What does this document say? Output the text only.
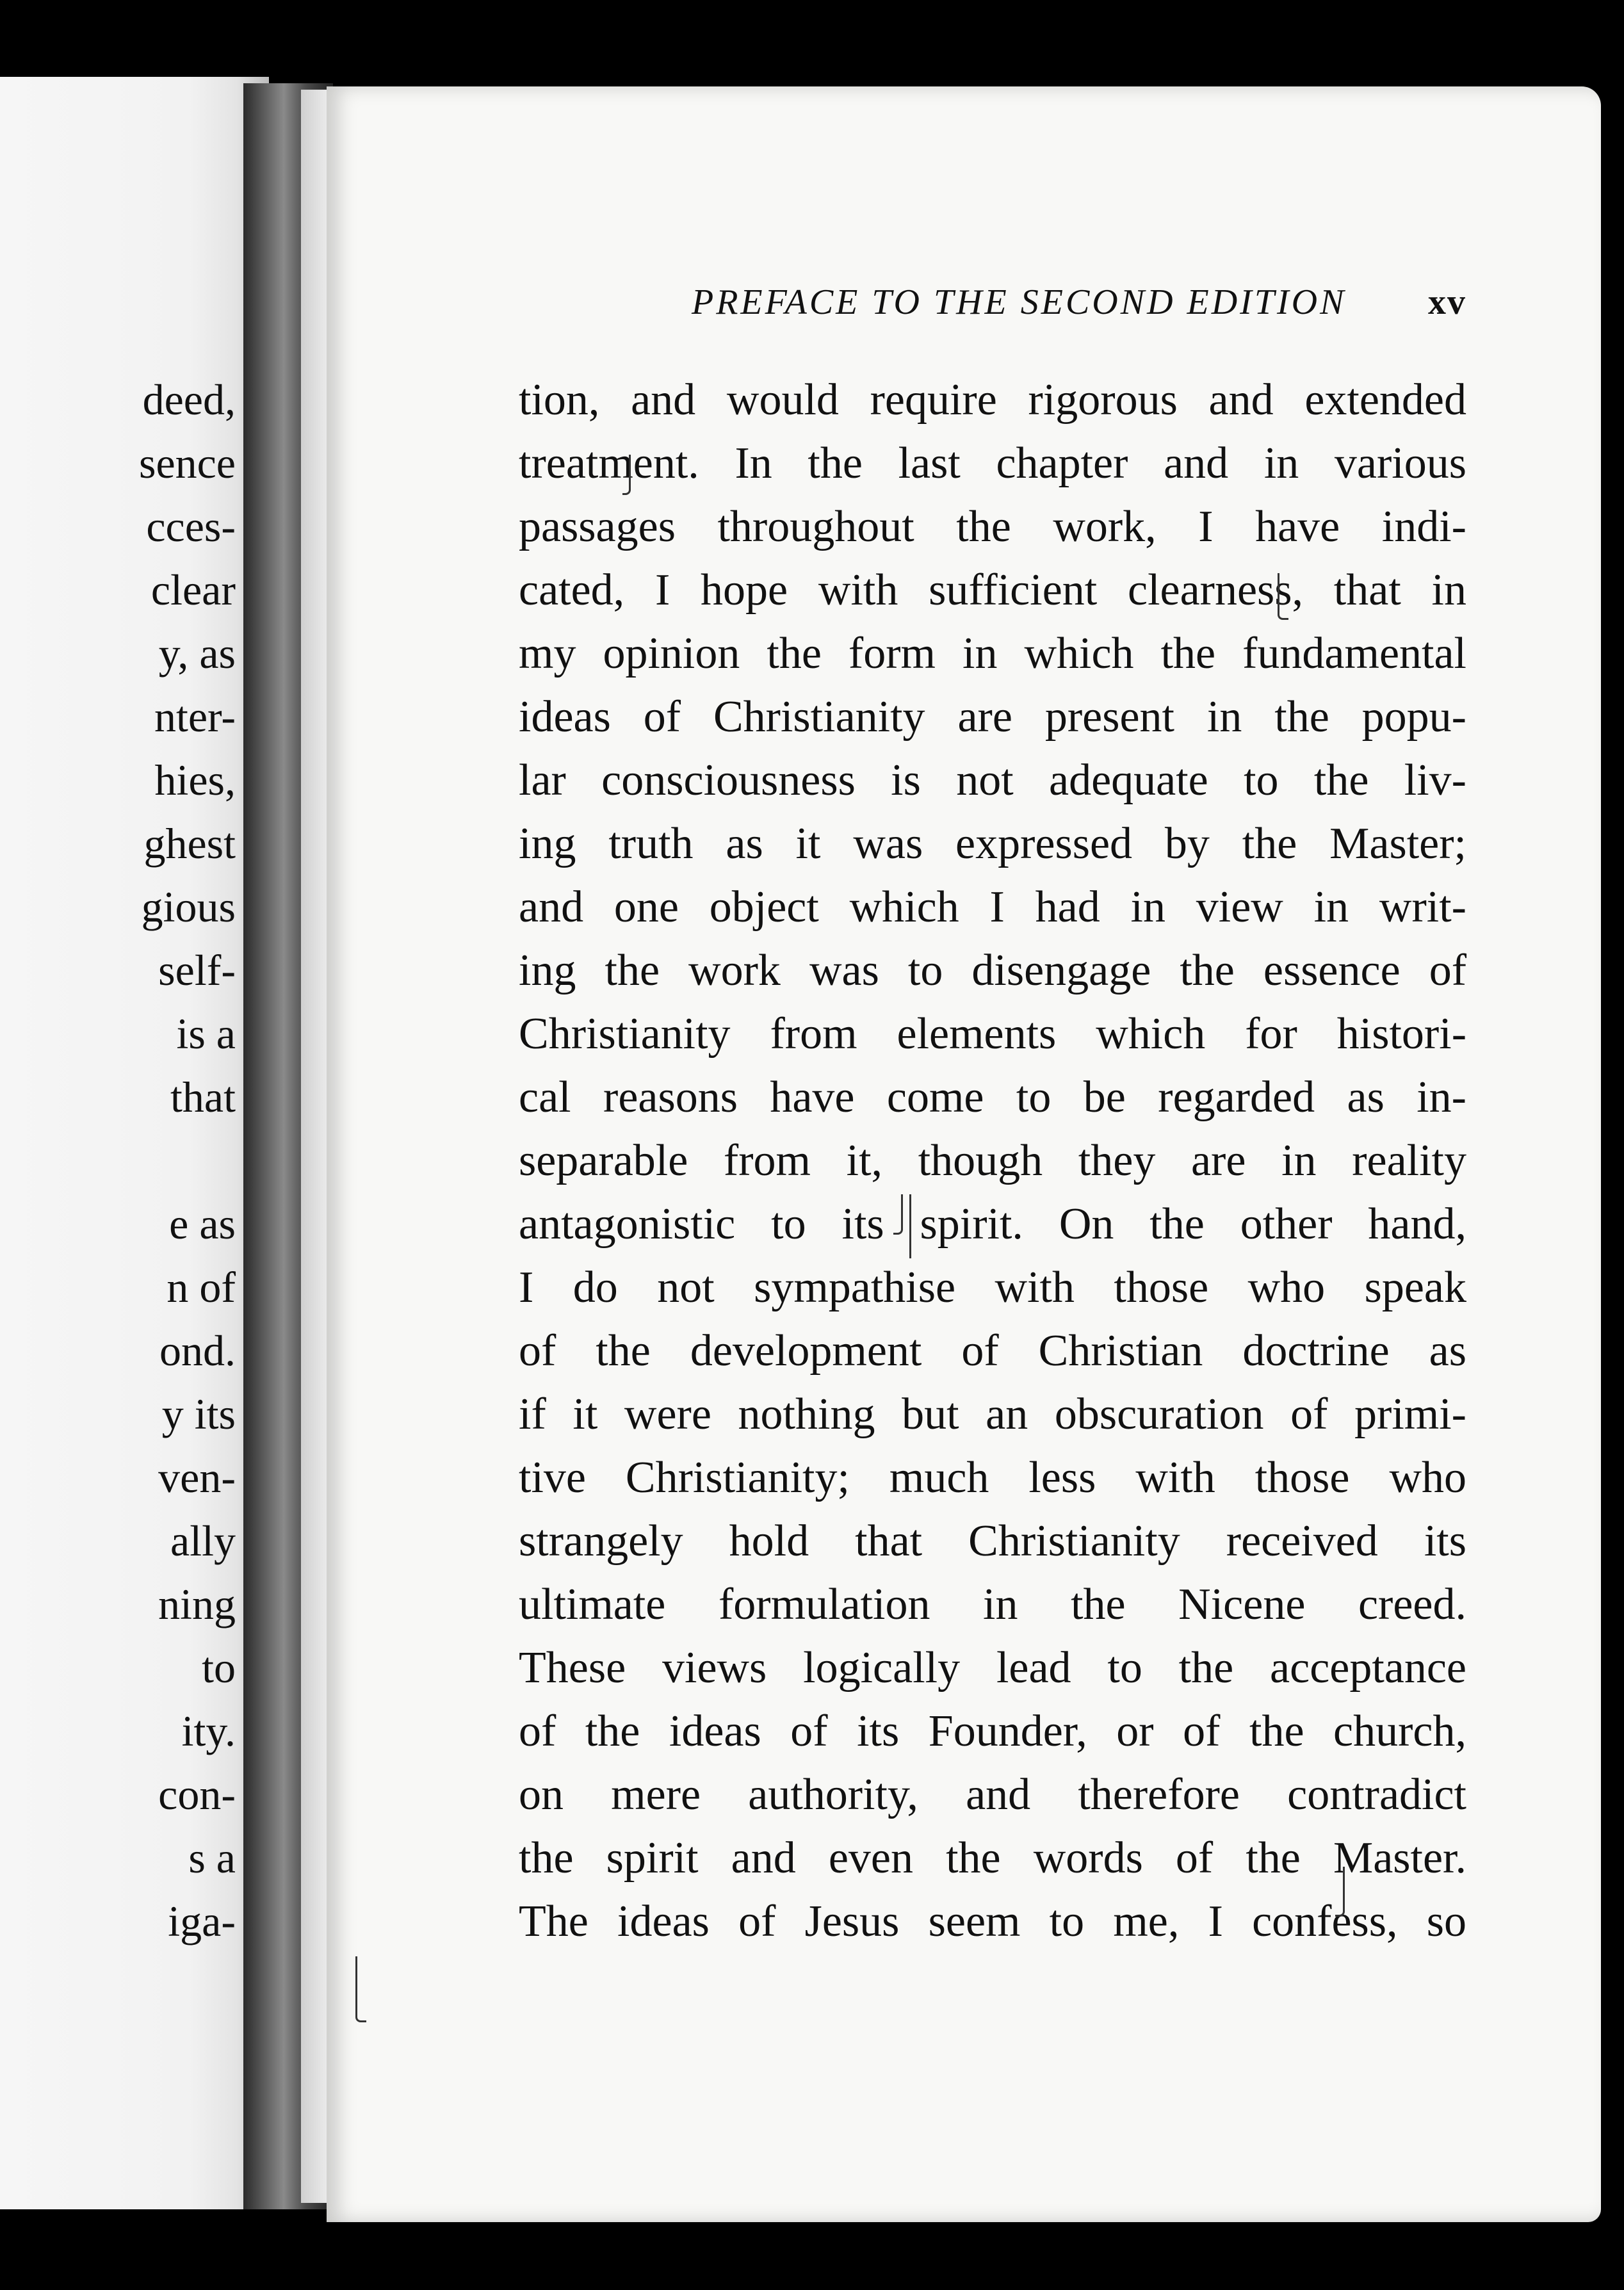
deed,
sence
cces-
clear
y, as
nter-
hies,
ghest
gious
self-
is a
that
e as
n of
ond.
y its
ven-
ally
ning
to
ity.
con-
s a
iga-
PREFACE TO THE SECOND EDITION xv
tion, and would require rigorous and extended
treatment. In the last chapter and in various
passages throughout the work, I have indi-
cated, I hope with sufficient clearness, that in
my opinion the form in which the fundamental
ideas of Christianity are present in the popu-
lar consciousness is not adequate to the liv-
ing truth as it was expressed by the Master;
and one object which I had in view in writ-
ing the work was to disengage the essence of
Christianity from elements which for histori-
cal reasons have come to be regarded as in-
separable from it, though they are in reality
antagonistic to its spirit. On the other hand,
I do not sympathise with those who speak
of the development of Christian doctrine as
if it were nothing but an obscuration of primi-
tive Christianity; much less with those who
strangely hold that Christianity received its
ultimate formulation in the Nicene creed.
These views logically lead to the acceptance
of the ideas of its Founder, or of the church,
on mere authority, and therefore contradict
the spirit and even the words of the Master.
The ideas of Jesus seem to me, I confess, so
